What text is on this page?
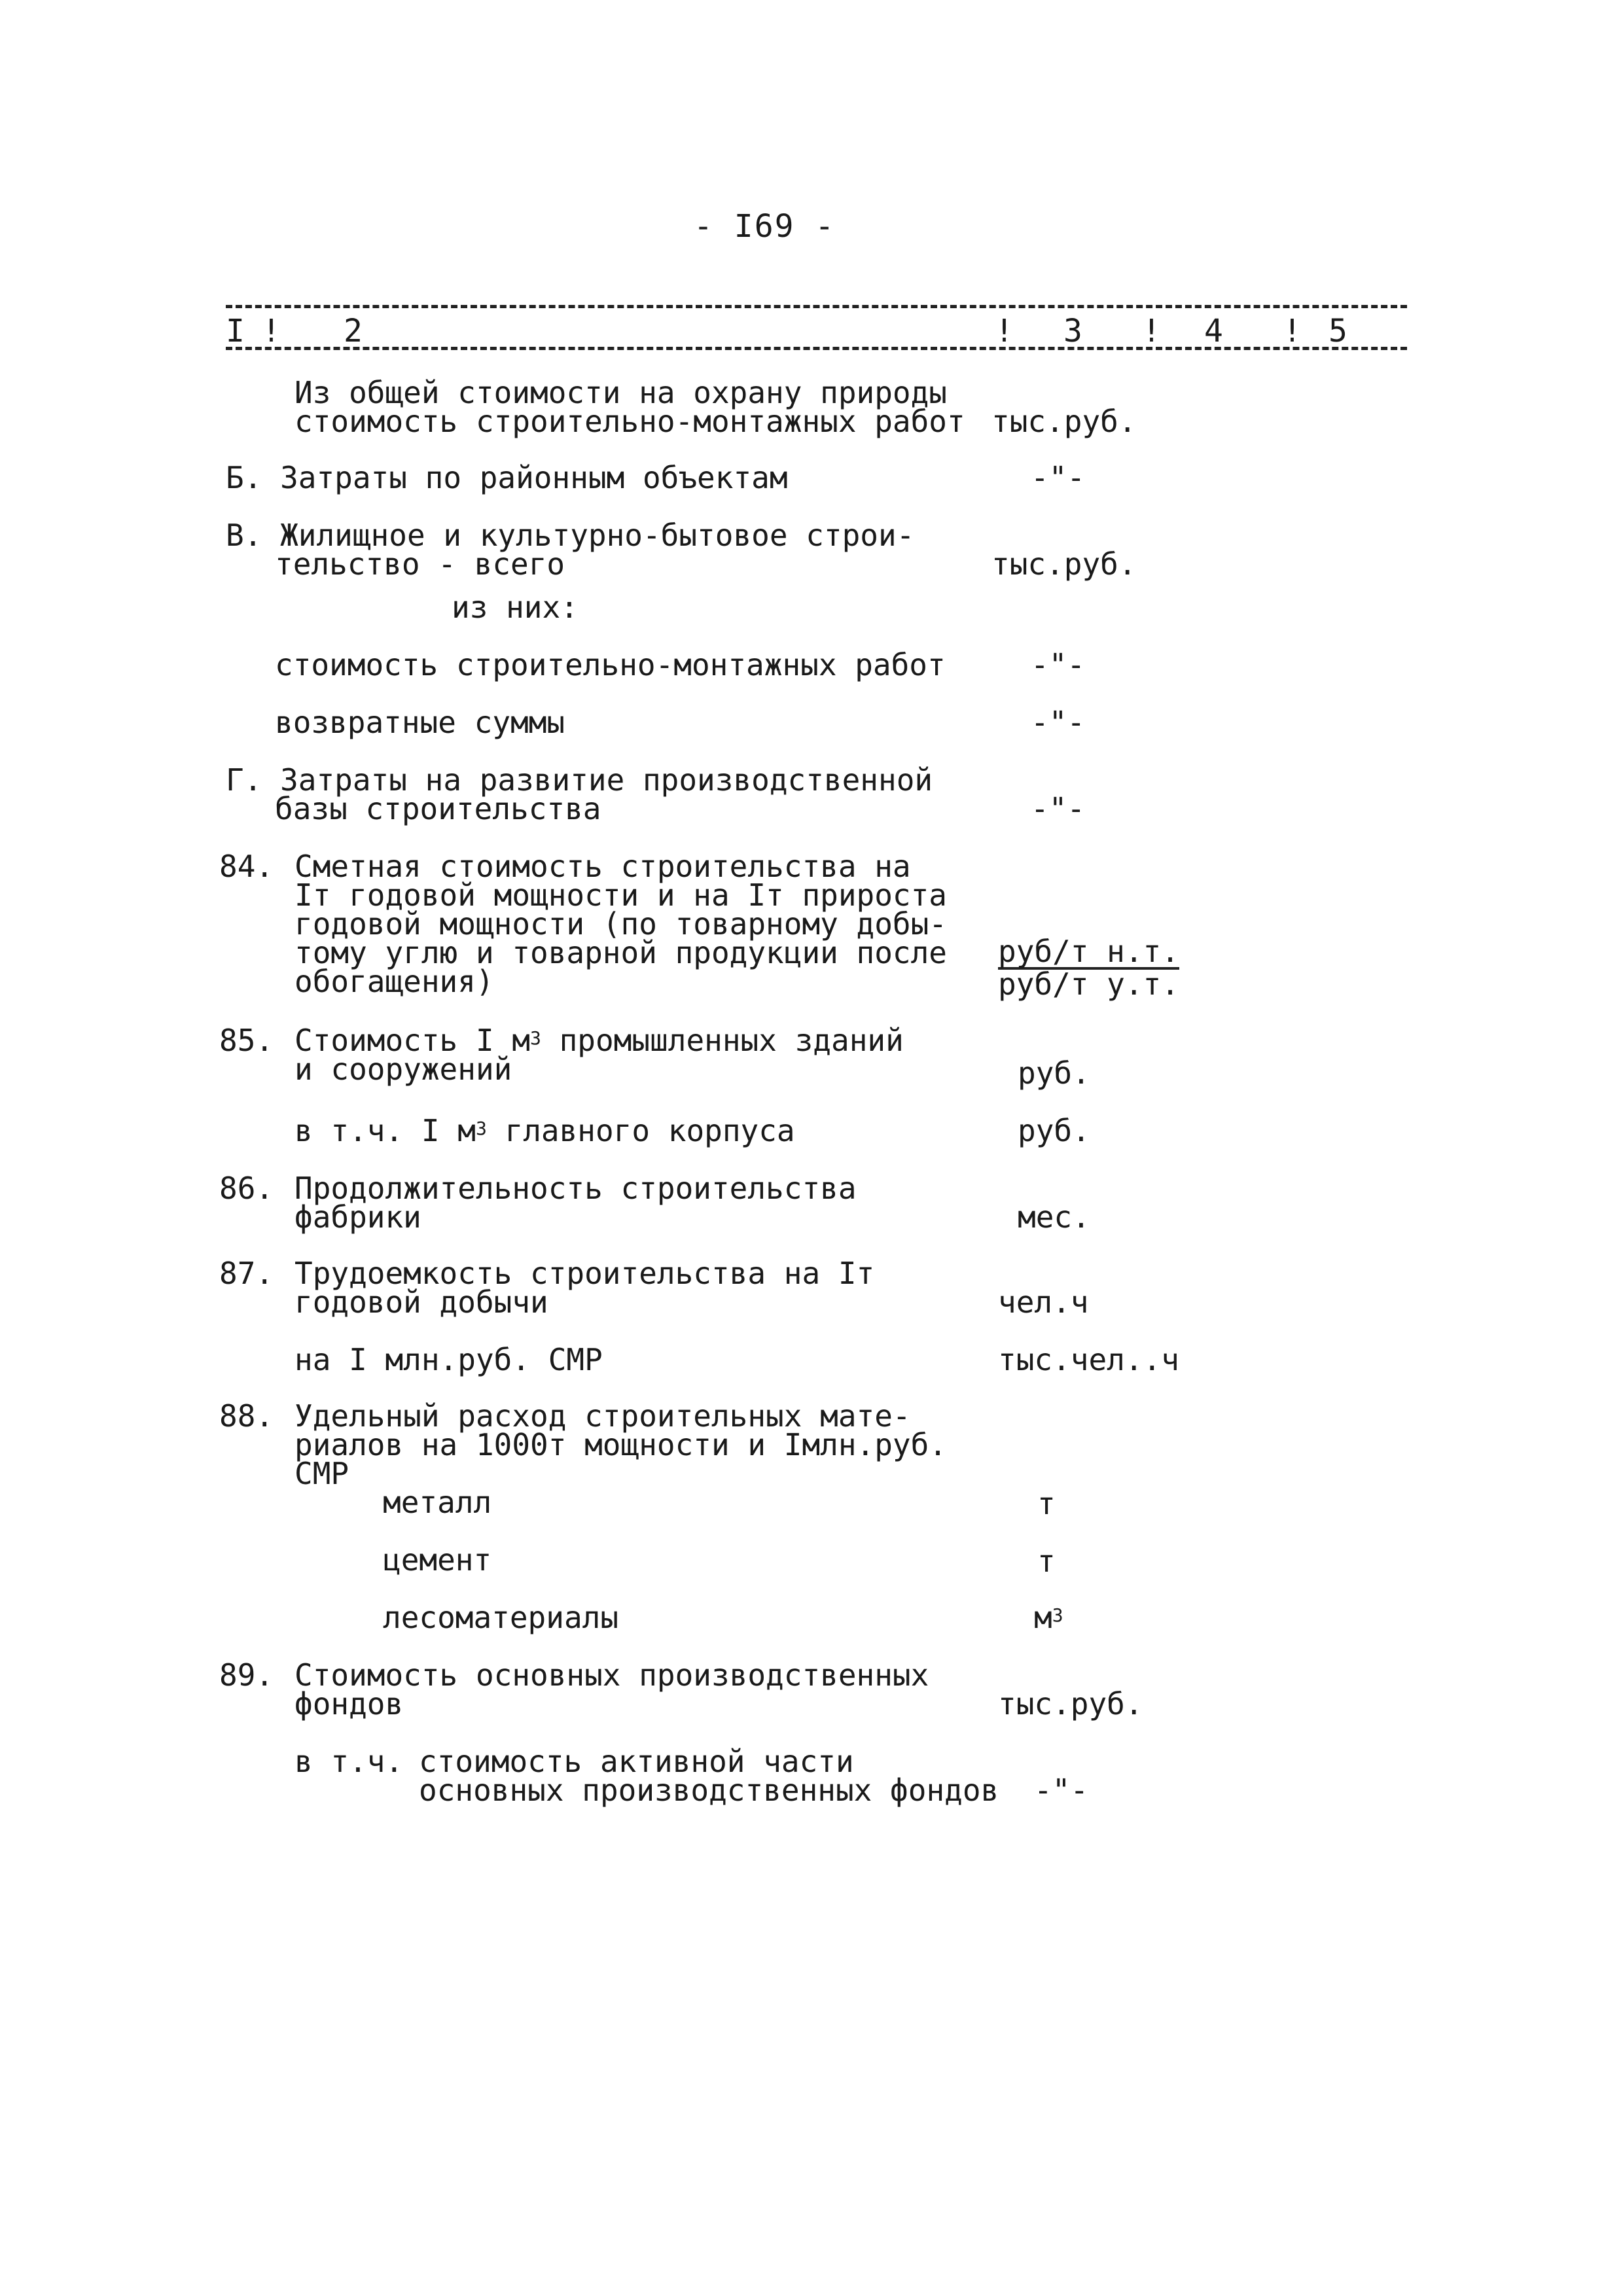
- I69 -
I ! 2	! 3 ! 4 ! 5
Из общей стоимости на охрану природы
стоимость строительно-монтажных работ тыс.руб.
Б. Затраты по районным объектам	-"-
В. Жилищное и культурно-бытовое строи-
тельство - всего	тыс.руб.
из них:
стоимость строительно-монтажных работ	-"-
возвратные суммы	-"-
Г. Затраты на развитие производственной
базы строительства	-"-
84. Сметная стоимость строительства на
Iт годовой мощности и на Iт прироста
годовой мощности (по товарному добы-
тому углю и товарной продукции после
обогащения)
руб/т н.т.
руб/т у.т.
85. Стоимость I $м^3$ промышленных зданий
и сооружений	руб.
в т.ч. I $м^3$ главного корпуса	руб.
86. Продолжительность строительства
фабрики	мес.
87. Трудоемкость строительства на Iт
годовой добычи	чел.ч
на I млн.руб. СМР	тыс.чел..ч
88. Удельный расход строительных мате-
риалов на 1000т мощности и Iмлн.руб.
СМР
металл	т
цемент	т
лесоматериалы	$м^3$
89. Стоимость основных производственных
фондов	тыс.руб.
в т.ч. стоимость активной части
основных производственных фондов -"-
